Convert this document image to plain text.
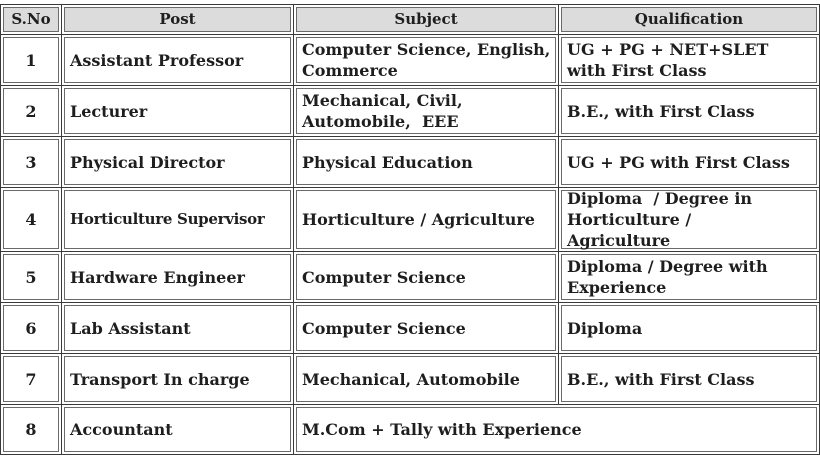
S.No	Post	Subject	Qualification
1	Assistant Professor	Computer Science, English, Commerce	UG + PG + NET+SLET with First Class

2	Lecturer	Mechanical, Civil, Automobile,  EEE	B.E., with First Class
3	Physical Director	Physical Education	UG + PG with First Class
4	Horticulture Supervisor	Horticulture / Agriculture	Diploma  / Degree in Horticulture / Agriculture

5	Hardware Engineer	Computer Science	Diploma / Degree with Experience

6	Lab Assistant	Computer Science	Diploma
7	Transport In charge	Mechanical, Automobile	B.E., with First Class
8	Accountant	M.Com + Tally with Experience	
